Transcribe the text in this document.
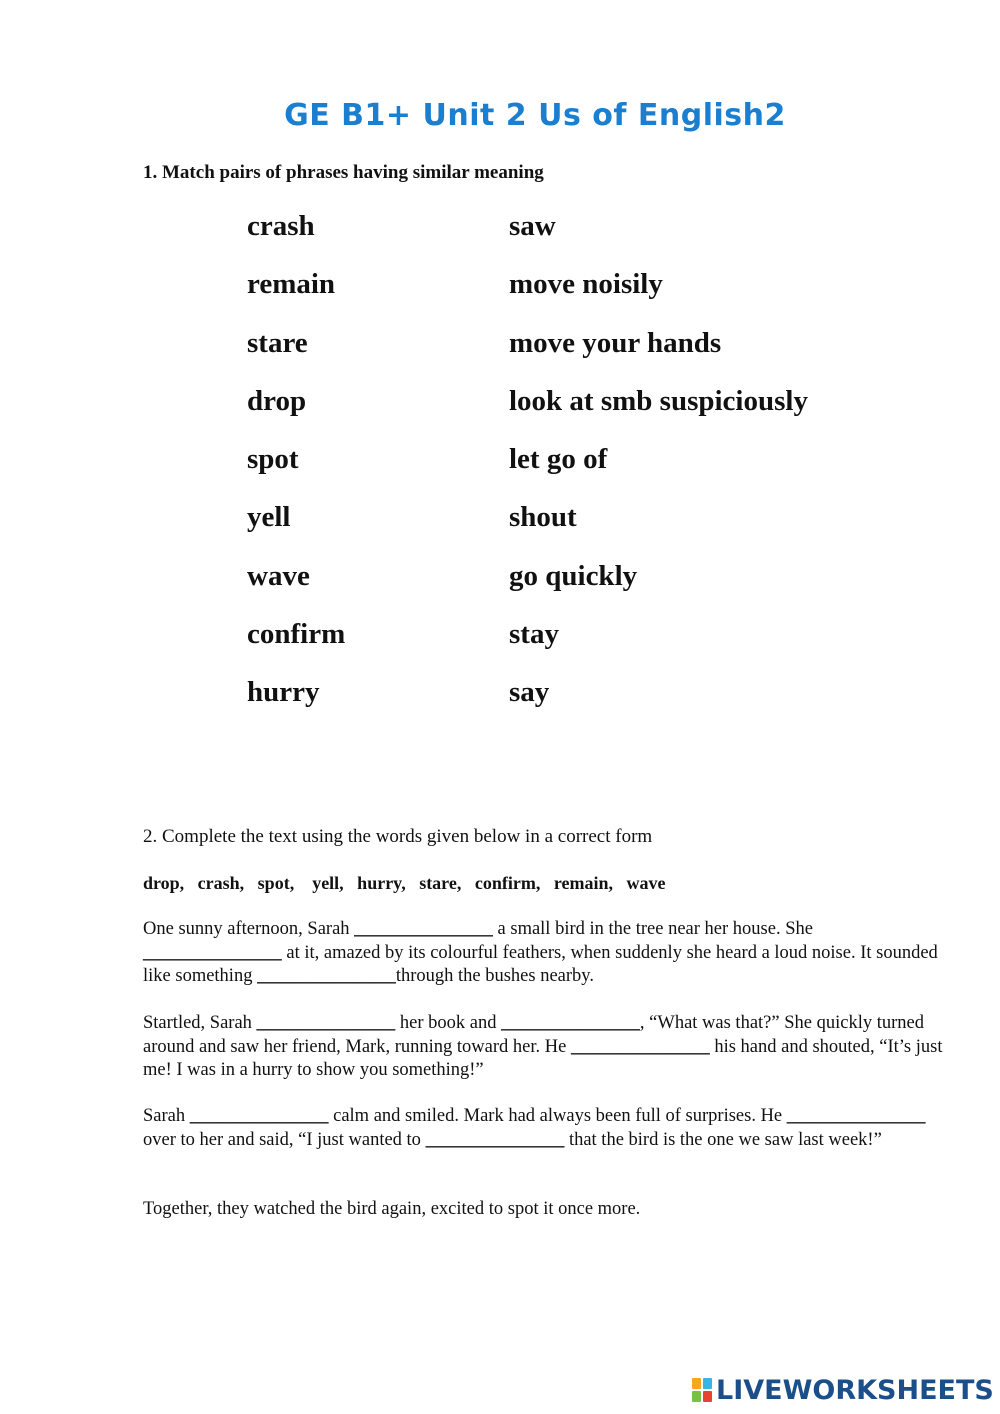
GE B1+ Unit 2 Us of English2
1. Match pairs of phrases having similar meaning
crash
remain
stare
drop
spot
yell
wave
confirm
hurry
saw
move noisily
move your hands
look at smb suspiciously
let go of
shout
go quickly
stay
say
2. Complete the text using the words given below in a correct form
drop,   crash,   spot,    yell,   hurry,   stare,   confirm,   remain,   wave
One sunny afternoon, Sarah _______________ a small bird in the tree near her house. She _______________ at it, amazed by its colourful feathers, when suddenly she heard a loud noise. It sounded like something _______________through the bushes nearby.
Startled, Sarah _______________ her book and _______________, “What was that?” She quickly turned around and saw her friend, Mark, running toward her. He _______________ his hand and shouted, “It’s just me! I was in a hurry to show you something!”
Sarah _______________ calm and smiled. Mark had always been full of surprises. He _______________ over to her and said, “I just wanted to _______________ that the bird is the one we saw last week!”
Together, they watched the bird again, excited to spot it once more.
LIVEWORKSHEETS
